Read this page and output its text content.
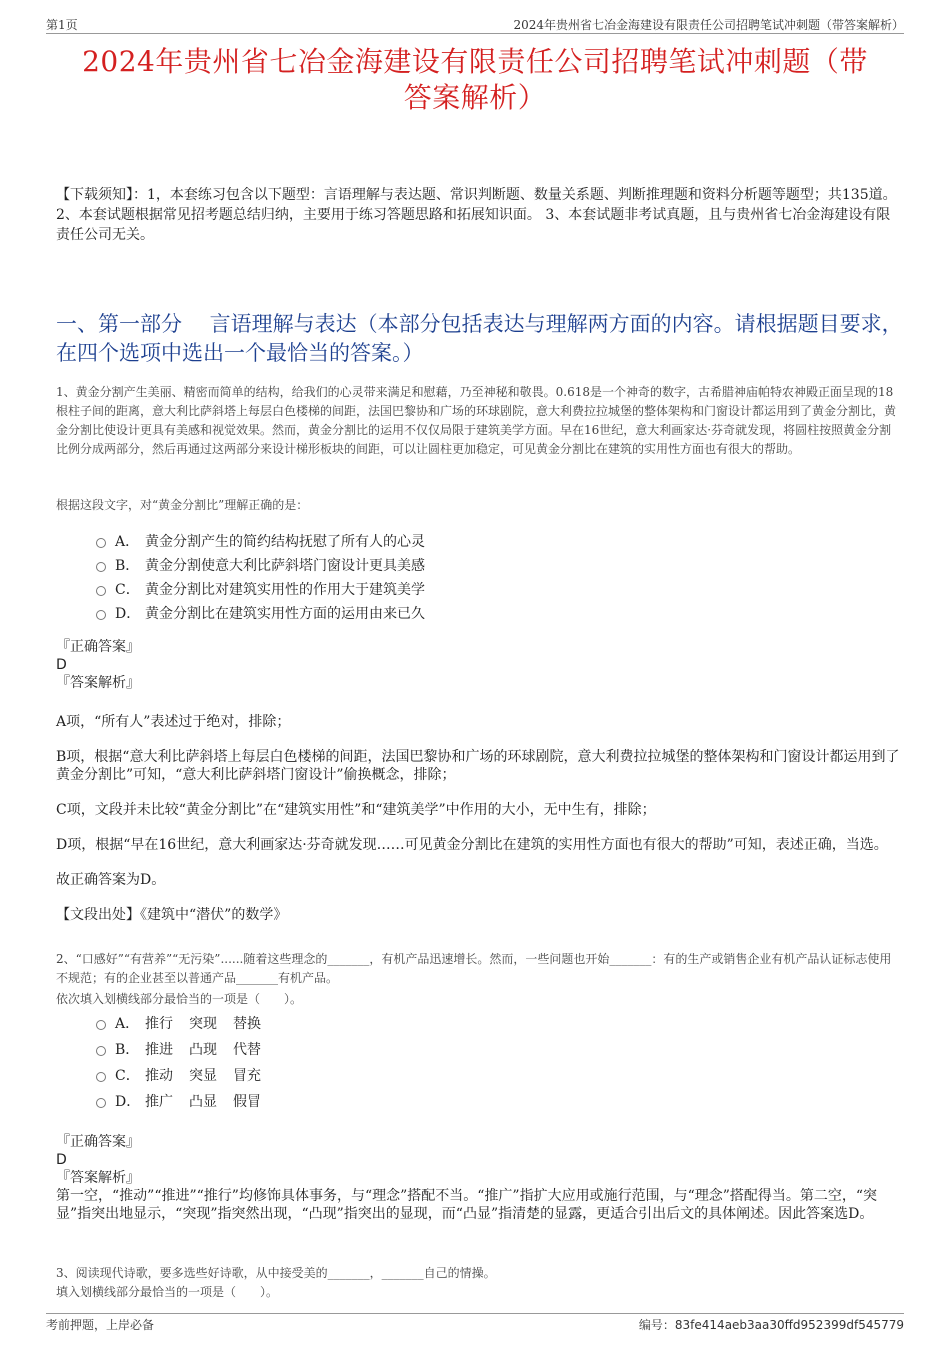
第1页	2024年贵州省七冶金海建设有限责任公司招聘笔试冲刺题（带答案解析）
2024年贵州省七冶金海建设有限责任公司招聘笔试冲刺题（带
答案解析）
【下载须知】：1，本套练习包含以下题型：言语理解与表达题、常识判断题、数量关系题、判断推理题和资料分析题等题型；共135道。 2、本套试题根据常见招考题总结归纳，主要用于练习答题思路和拓展知识面。 3、本套试题非考试真题，且与贵州省七冶金海建设有限责任公司无关。
一、第一部分　 言语理解与表达（本部分包括表达与理解两方面的内容。请根据题目要求，在四个选项中选出一个最恰当的答案。）
1、黄金分割产生美丽、精密而简单的结构，给我们的心灵带来满足和慰藉，乃至神秘和敬畏。0.618是一个神奇的数字，古希腊神庙帕特农神殿正面呈现的18根柱子间的距离，意大利比萨斜塔上每层白色楼梯的间距，法国巴黎协和广场的环球剧院，意大利费拉拉城堡的整体架构和门窗设计都运用到了黄金分割比，黄金分割比使设计更具有美感和视觉效果。然而，黄金分割比的运用不仅仅局限于建筑美学方面。早在16世纪，意大利画家达·芬奇就发现，将圆柱按照黄金分割比例分成两部分，然后再通过这两部分来设计梯形板块的间距，可以让圆柱更加稳定，可见黄金分割比在建筑的实用性方面也有很大的帮助。
根据这段文字，对“黄金分割比”理解正确的是：
A． 黄金分割产生的简约结构抚慰了所有人的心灵
B． 黄金分割使意大利比萨斜塔门窗设计更具美感
C． 黄金分割比对建筑实用性的作用大于建筑美学
D． 黄金分割比在建筑实用性方面的运用由来已久
『正确答案』
D
『答案解析』

A项，“所有人”表述过于绝对，排除；

B项，根据“意大利比萨斜塔上每层白色楼梯的间距，法国巴黎协和广场的环球剧院，意大利费拉拉城堡的整体架构和门窗设计都运用到了黄金分割比”可知，“意大利比萨斜塔门窗设计”偷换概念，排除；

C项，文段并未比较“黄金分割比”在“建筑实用性”和“建筑美学”中作用的大小，无中生有，排除；

D项，根据“早在16世纪，意大利画家达·芬奇就发现……可见黄金分割比在建筑的实用性方面也有很大的帮助”可知，表述正确，当选。

故正确答案为D。

【文段出处】《建筑中“潜伏”的数学》

2、“口感好”“有营养”“无污染”......随着这些理念的_______，有机产品迅速增长。然而，一些问题也开始_______：有的生产或销售企业有机产品认证标志使用不规范；有的企业甚至以普通产品_______有机产品。
依次填入划横线部分最恰当的一项是（　　）。
A． 推行 突现 替换
B． 推进 凸现 代替
C． 推动 突显 冒充
D． 推广 凸显 假冒
『正确答案』
D
『答案解析』
第一空，“推动”“推进”“推行”均修饰具体事务，与“理念”搭配不当。“推广”指扩大应用或施行范围，与“理念”搭配得当。第二空，“突显”指突出地显示，“突现”指突然出现，“凸现”指突出的显现，而“凸显”指清楚的显露，更适合引出后文的具体阐述。因此答案选D。
3、阅读现代诗歌，要多选些好诗歌，从中接受美的_______，_______自己的情操。
填入划横线部分最恰当的一项是（　　）。
考前押题，上岸必备	编号：83fe414aeb3aa30ffd952399df545779
